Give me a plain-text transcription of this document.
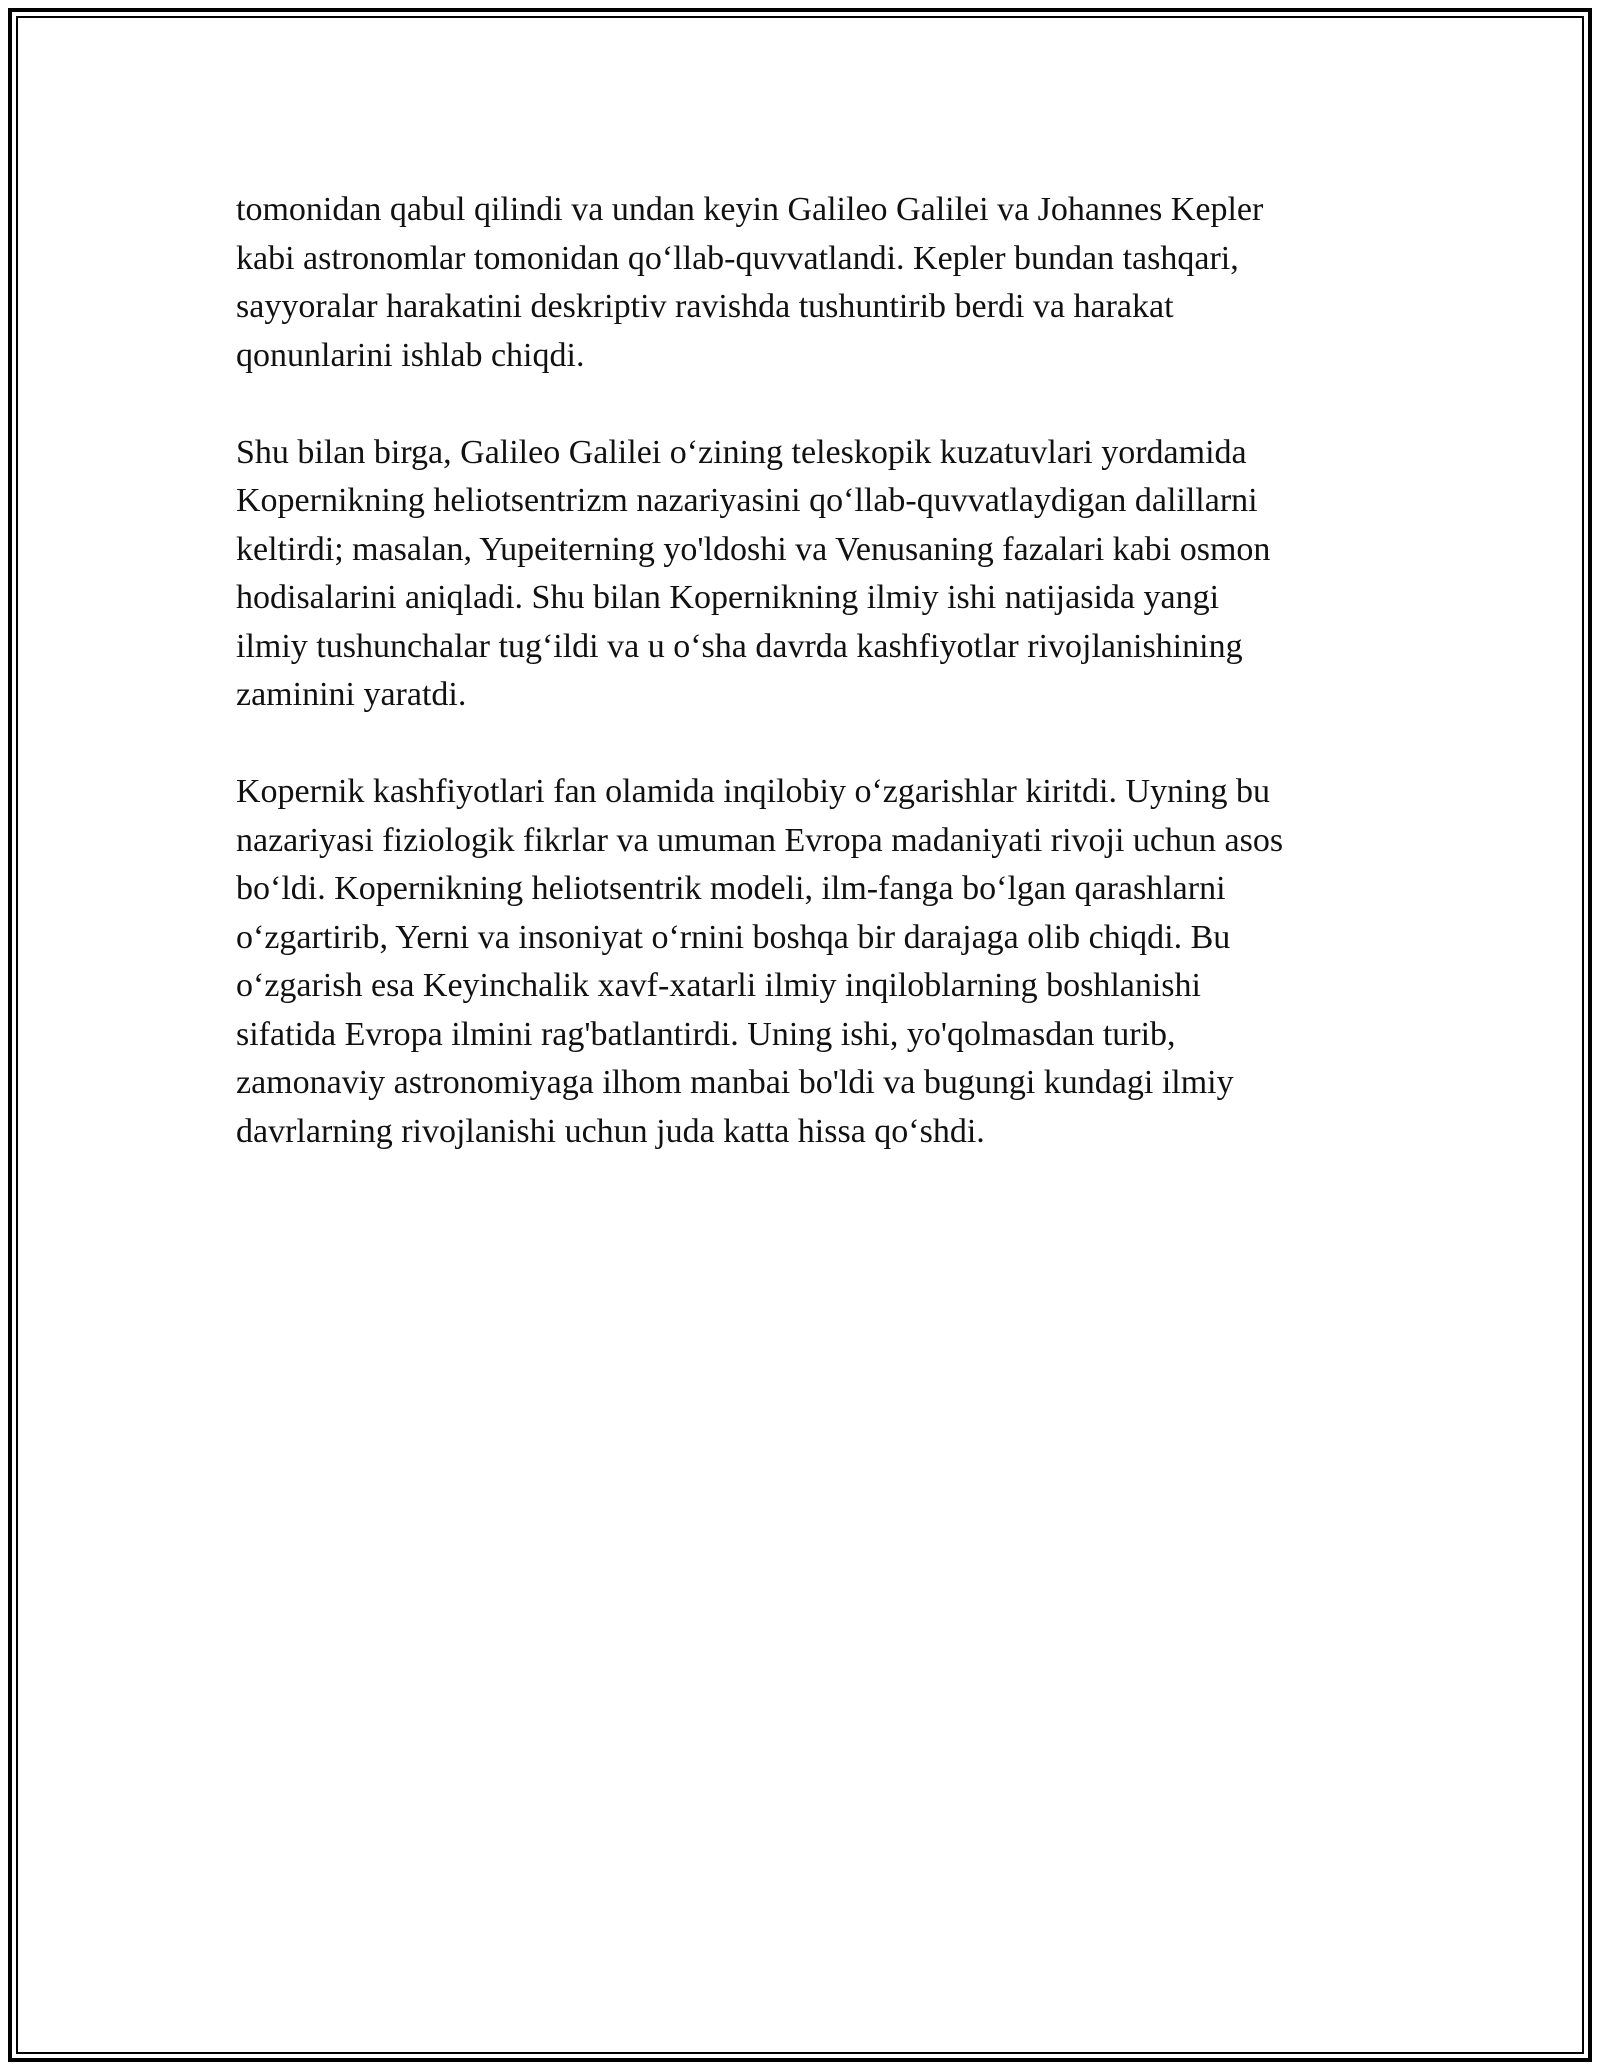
tomonidan qabul qilindi va undan keyin Galileo Galilei va Johannes Kepler
kabi astronomlar tomonidan qo‘llab-quvvatlandi. Kepler bundan tashqari,
sayyoralar harakatini deskriptiv ravishda tushuntirib berdi va harakat
qonunlarini ishlab chiqdi.

Shu bilan birga, Galileo Galilei o‘zining teleskopik kuzatuvlari yordamida
Kopernikning heliotsentrizm nazariyasini qo‘llab-quvvatlaydigan dalillarni
keltirdi; masalan, Yupeiterning yo'ldoshi va Venusaning fazalari kabi osmon
hodisalarini aniqladi. Shu bilan Kopernikning ilmiy ishi natijasida yangi
ilmiy tushunchalar tug‘ildi va u o‘sha davrda kashfiyotlar rivojlanishining
zaminini yaratdi.

Kopernik kashfiyotlari fan olamida inqilobiy o‘zgarishlar kiritdi. Uyning bu
nazariyasi fiziologik fikrlar va umuman Evropa madaniyati rivoji uchun asos
bo‘ldi. Kopernikning heliotsentrik modeli, ilm-fanga bo‘lgan qarashlarni
o‘zgartirib, Yerni va insoniyat o‘rnini boshqa bir darajaga olib chiqdi. Bu
o‘zgarish esa Keyinchalik xavf-xatarli ilmiy inqiloblarning boshlanishi
sifatida Evropa ilmini rag'batlantirdi. Uning ishi, yo'qolmasdan turib,
zamonaviy astronomiyaga ilhom manbai bo'ldi va bugungi kundagi ilmiy
davrlarning rivojlanishi uchun juda katta hissa qo‘shdi.
